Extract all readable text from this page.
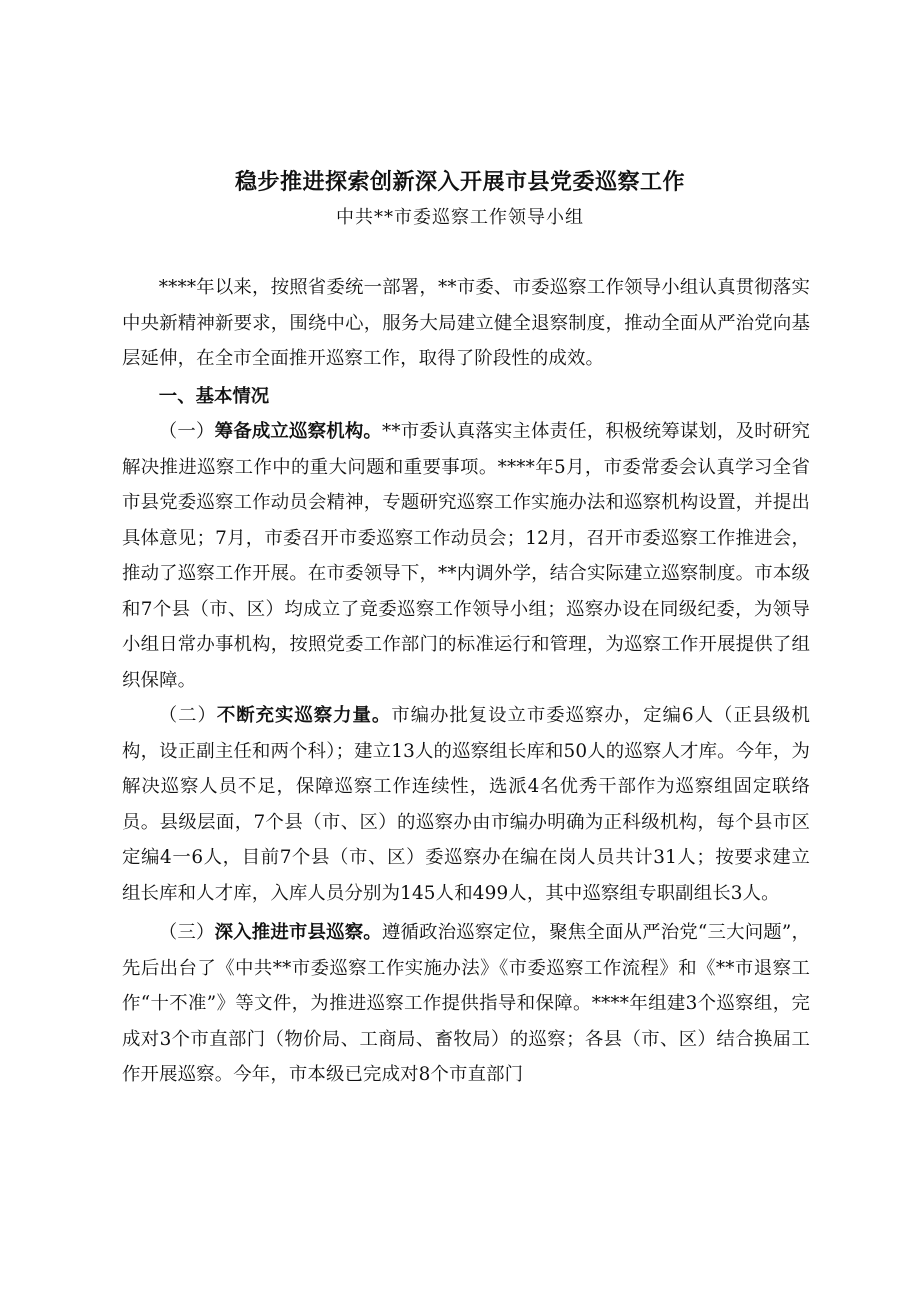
稳步推进探索创新深入开展市县党委巡察工作
中共**市委巡察工作领导小组

****年以来，按照省委统一部署，**市委、市委巡察工作领导小组认真贯彻落实中央新精神新要求，围绕中心，服务大局建立健全退察制度，推动全面从严治党向基层延伸，在全市全面推开巡察工作，取得了阶段性的成效。

一、基本情况

（一）筹备成立巡察机构。**市委认真落实主体责任，积极统筹谋划，及时研究解决推进巡察工作中的重大问题和重要事项。****年5月，市委常委会认真学习全省市县党委巡察工作动员会精神，专题研究巡察工作实施办法和巡察机构设置，并提出具体意见；7月，市委召开市委巡察工作动员会；12月，召开市委巡察工作推进会，推动了巡察工作开展。在市委领导下，**内调外学，结合实际建立巡察制度。市本级和7个县（市、区）均成立了竟委巡察工作领导小组；巡察办设在同级纪委，为领导小组日常办事机构，按照党委工作部门的标准运行和管理，为巡察工作开展提供了组织保障。

（二）不断充实巡察力量。市编办批复设立市委巡察办，定编6人（正县级机构，设正副主任和两个科）；建立13人的巡察组长库和50人的巡察人才库。今年，为解决巡察人员不足，保障巡察工作连续性，选派4名优秀干部作为巡察组固定联络员。县级层面，7个县（市、区）的巡察办由市编办明确为正科级机构，每个县市区定编4一6人，目前7个县（市、区）委巡察办在编在岗人员共计31人；按要求建立组长库和人才库，入库人员分别为145人和499人，其中巡察组专职副组长3人。

（三）深入推进市县巡察。遵循政治巡察定位，聚焦全面从严治党“三大问题”，先后出台了《中共**市委巡察工作实施办法》《市委巡察工作流程》和《**市退察工作“十不准”》等文件，为推进巡察工作提供指导和保障。****年组建3个巡察组，完成对3个市直部门（物价局、工商局、畜牧局）的巡察；各县（市、区）结合换届工作开展巡察。今年，市本级已完成对8个市直部门
